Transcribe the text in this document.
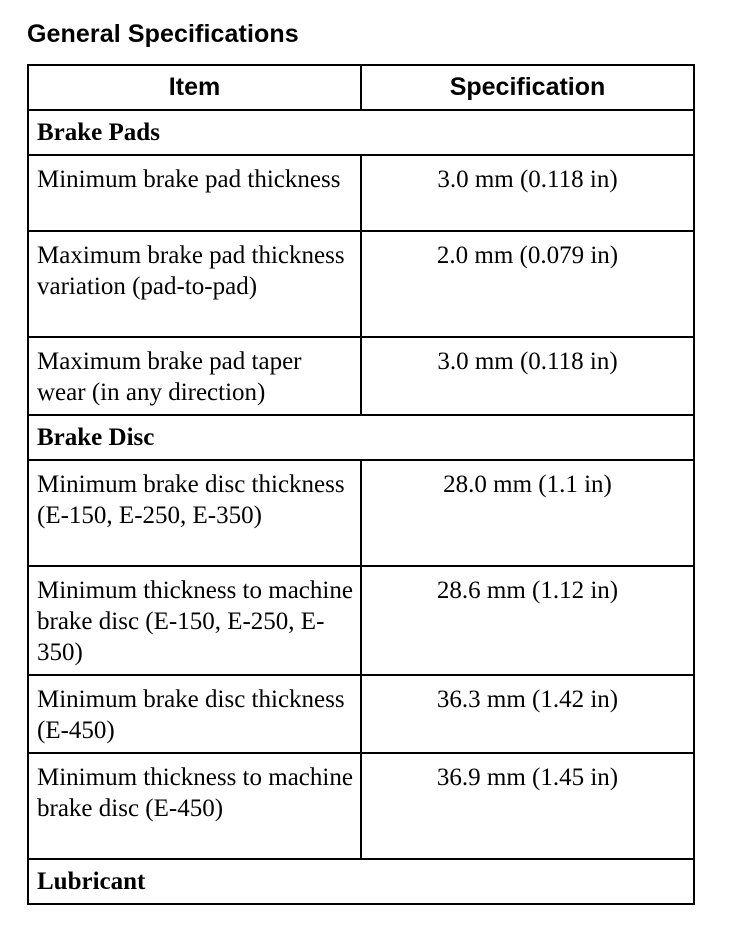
General Specifications
Item	Specification
Brake Pads	
Minimum brake pad thickness	3.0 mm (0.118 in)
Maximum brake pad thickness variation (pad-to-pad)	2.0 mm (0.079 in)
Maximum brake pad taper wear (in any direction)	3.0 mm (0.118 in)
Brake Disc	
Minimum brake disc thickness (E-150, E-250, E-350)	28.0 mm (1.1 in)
Minimum thickness to machine brake disc (E-150, E-250, E-350)	28.6 mm (1.12 in)
Minimum brake disc thickness (E-450)	36.3 mm (1.42 in)
Minimum thickness to machine brake disc (E-450)	36.9 mm (1.45 in)
Lubricant	
